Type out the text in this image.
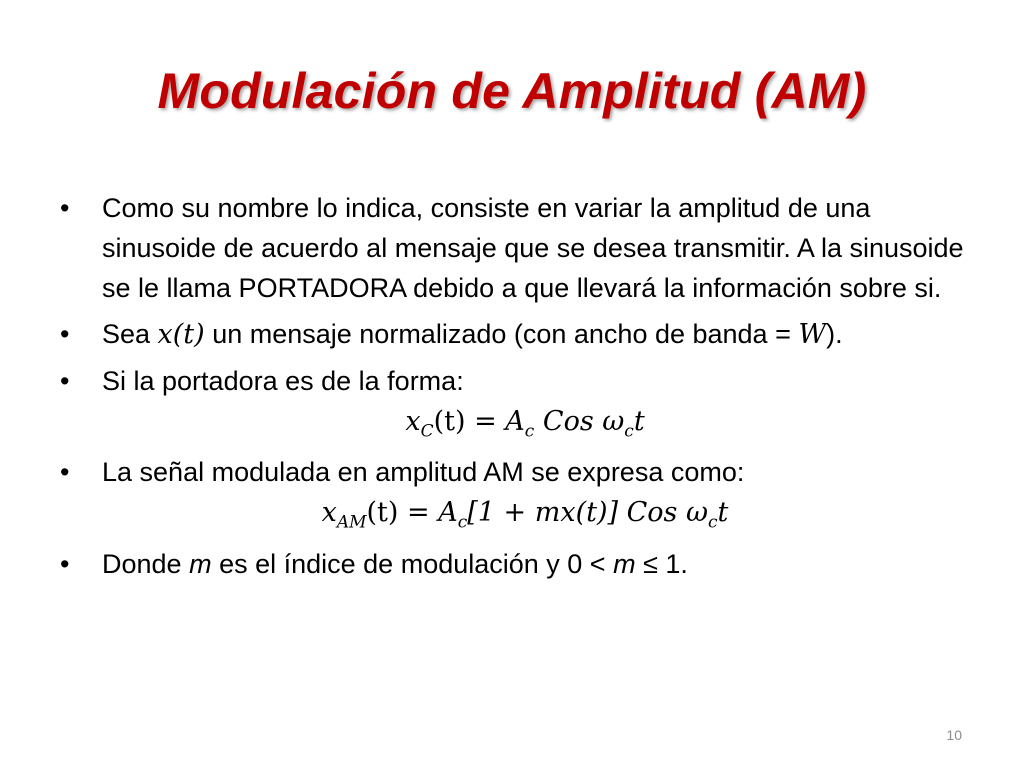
Modulación de Amplitud (AM)
• Como su nombre lo indica, consiste en variar la amplitud de una sinusoide de acuerdo al mensaje que se desea transmitir. A la sinusoide se le llama PORTADORA debido a que llevará la información sobre si.
• Sea x(t) un mensaje normalizado (con ancho de banda = W).
• Si la portadora es de la forma:
$x_C(t) = A_c$ Cos $\omega_ct$
• La señal modulada en amplitud AM se expresa como:
$x_{AM}(t) = A_c[1 + mx(t)]$ Cos $\omega_ct$
• Donde m es el índice de modulación y 0 < m ≤ 1.
10
